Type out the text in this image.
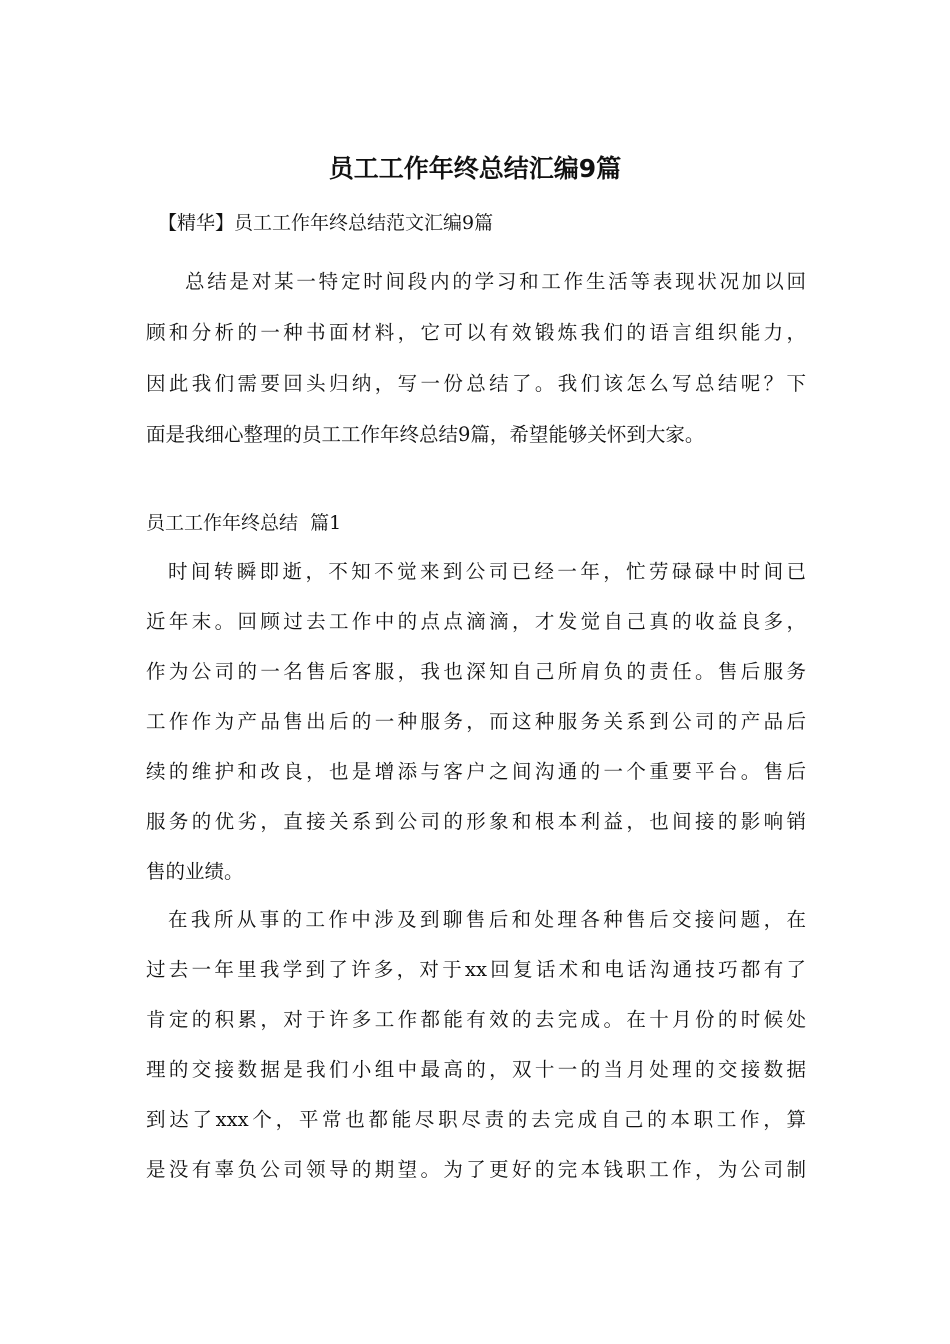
员工工作年终总结汇编9篇

【精华】员工工作年终总结范文汇编9篇

总结是对某一特定时间段内的学习和工作生活等表现状况加以回
顾和分析的一种书面材料，它可以有效锻炼我们的语言组织能力，
因此我们需要回头归纳，写一份总结了。我们该怎么写总结呢？下
面是我细心整理的员工工作年终总结9篇，希望能够关怀到大家。

员工工作年终总结  篇1

时间转瞬即逝，不知不觉来到公司已经一年，忙劳碌碌中时间已
近年末。回顾过去工作中的点点滴滴，才发觉自己真的收益良多，
作为公司的一名售后客服，我也深知自己所肩负的责任。售后服务
工作作为产品售出后的一种服务，而这种服务关系到公司的产品后
续的维护和改良，也是增添与客户之间沟通的一个重要平台。售后
服务的优劣，直接关系到公司的形象和根本利益，也间接的影响销
售的业绩。
在我所从事的工作中涉及到聊售后和处理各种售后交接问题，在
过去一年里我学到了许多，对于xx回复话术和电话沟通技巧都有了
肯定的积累，对于许多工作都能有效的去完成。在十月份的时候处
理的交接数据是我们小组中最高的，双十一的当月处理的交接数据
到达了xxx个，平常也都能尽职尽责的去完成自己的本职工作，算
是没有辜负公司领导的期望。为了更好的完本钱职工作，为公司制
